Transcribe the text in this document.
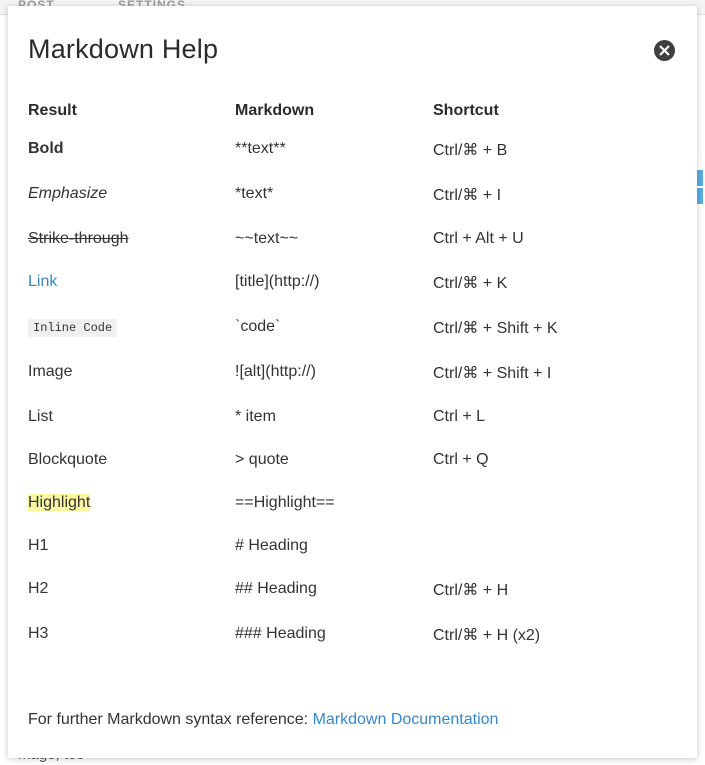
Markdown Help
Result	Markdown	Shortcut
Bold	**text**	Ctrl/⌘ + B
Emphasize	*text*	Ctrl/⌘ + I
Strike-through	~~text~~	Ctrl + Alt + U
Link	[title](http://)	Ctrl/⌘ + K
Inline Code	`code`	Ctrl/⌘ + Shift + K
Image	![alt](http://)	Ctrl/⌘ + Shift + I
List	* item	Ctrl + L
Blockquote	> quote	Ctrl + Q
Highlight	==Highlight==	
H1	# Heading	
H2	## Heading	Ctrl/⌘ + H
H3	### Heading	Ctrl/⌘ + H (x2)
For further Markdown syntax reference: Markdown Documentation
